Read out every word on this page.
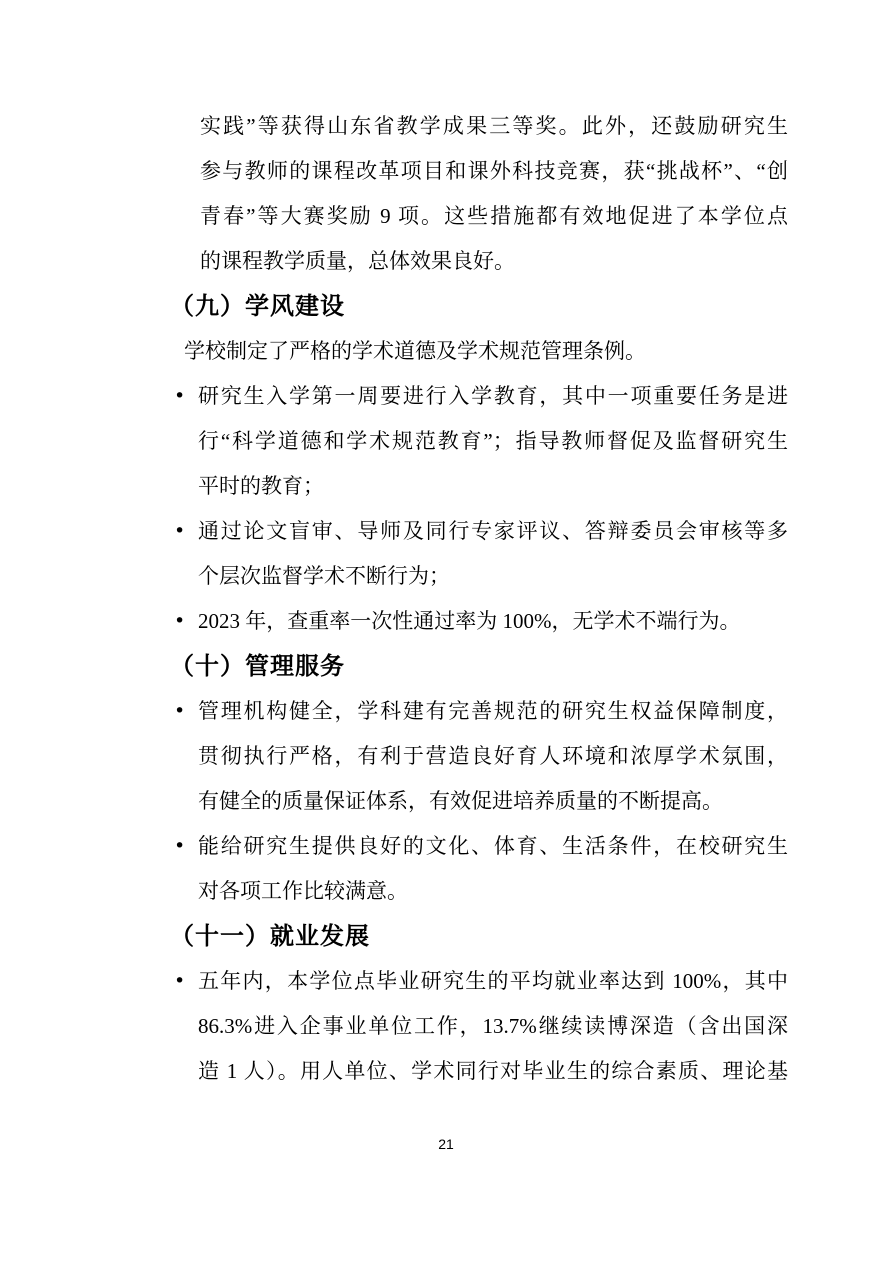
实践”等获得山东省教学成果三等奖。此外，还鼓励研究生
参与教师的课程改革项目和课外科技竞赛，获“挑战杯”、“创
青春”等大赛奖励 9 项。这些措施都有效地促进了本学位点
的课程教学质量，总体效果良好。
（九）学风建设
学校制定了严格的学术道德及学术规范管理条例。
• 研究生入学第一周要进行入学教育，其中一项重要任务是进
行“科学道德和学术规范教育”；指导教师督促及监督研究生
平时的教育；
• 通过论文盲审、导师及同行专家评议、答辩委员会审核等多
个层次监督学术不断行为；
• 2023 年，查重率一次性通过率为 100%，无学术不端行为。
（十）管理服务
• 管理机构健全，学科建有完善规范的研究生权益保障制度，
贯彻执行严格，有利于营造良好育人环境和浓厚学术氛围，
有健全的质量保证体系，有效促进培养质量的不断提高。
• 能给研究生提供良好的文化、体育、生活条件，在校研究生
对各项工作比较满意。
（十一）就业发展
• 五年内，本学位点毕业研究生的平均就业率达到 100%，其中
86.3%进入企事业单位工作，13.7%继续读博深造（含出国深
造 1 人）。用人单位、学术同行对毕业生的综合素质、理论基
21
